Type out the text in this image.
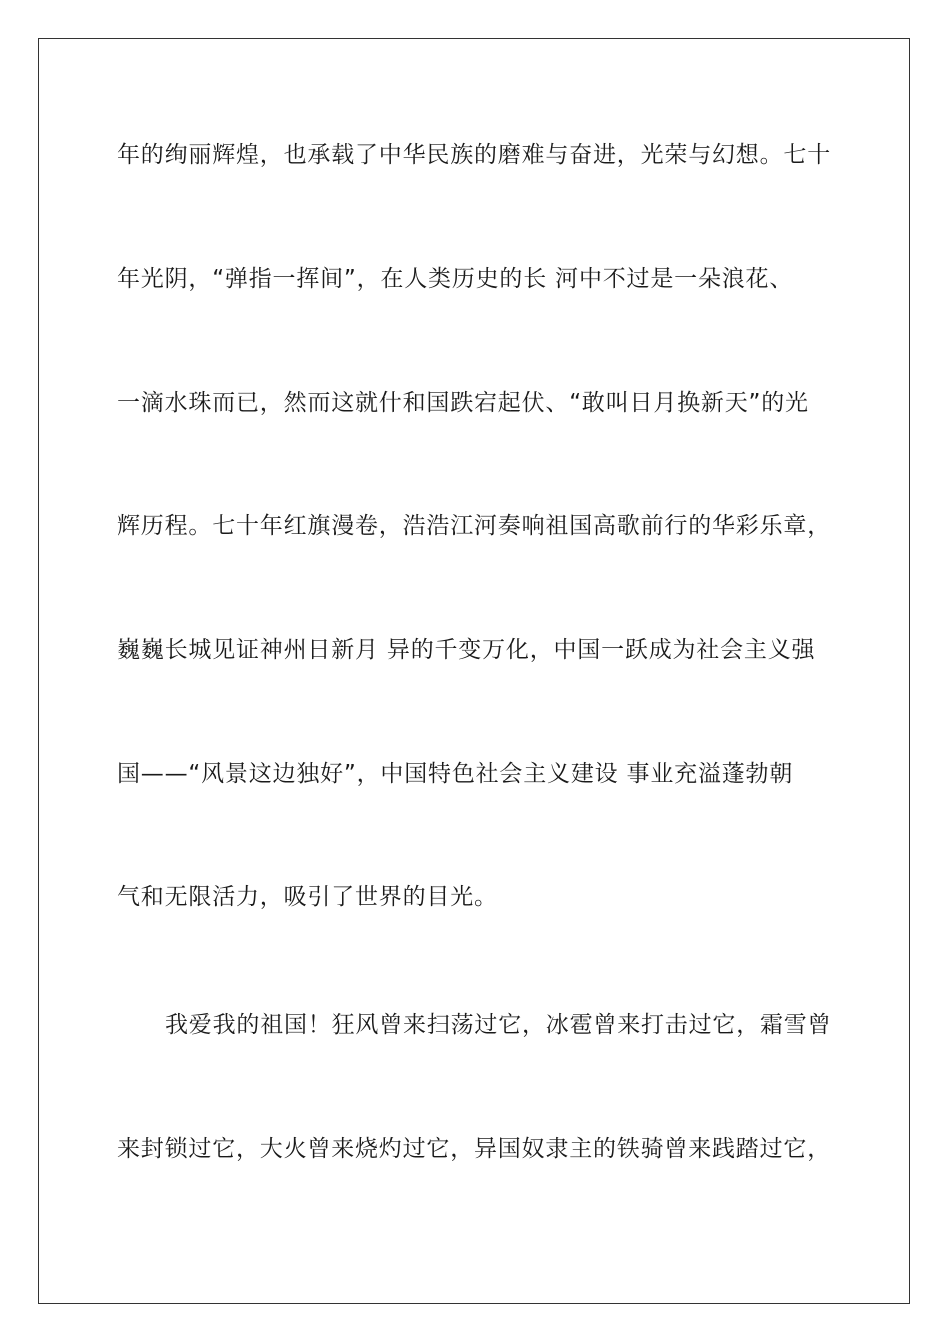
年的绚丽辉煌，也承载了中华民族的磨难与奋进，光荣与幻想。七十
年光阴，“弹指一挥间”，在人类历史的长 河中不过是一朵浪花、
一滴水珠而已，然而这就什和国跌宕起伏、“敢叫日月换新天”的光
辉历程。七十年红旗漫卷，浩浩江河奏响祖国高歌前行的华彩乐章，
巍巍长城见证神州日新月 异的千变万化，中国一跃成为社会主义强
国——“风景这边独好”，中国特色社会主义建设 事业充溢蓬勃朝
气和无限活力，吸引了世界的目光。
我爱我的祖国！狂风曾来扫荡过它，冰雹曾来打击过它，霜雪曾
来封锁过它，大火曾来烧灼过它，异国奴隶主的铁骑曾来践踏过它，
